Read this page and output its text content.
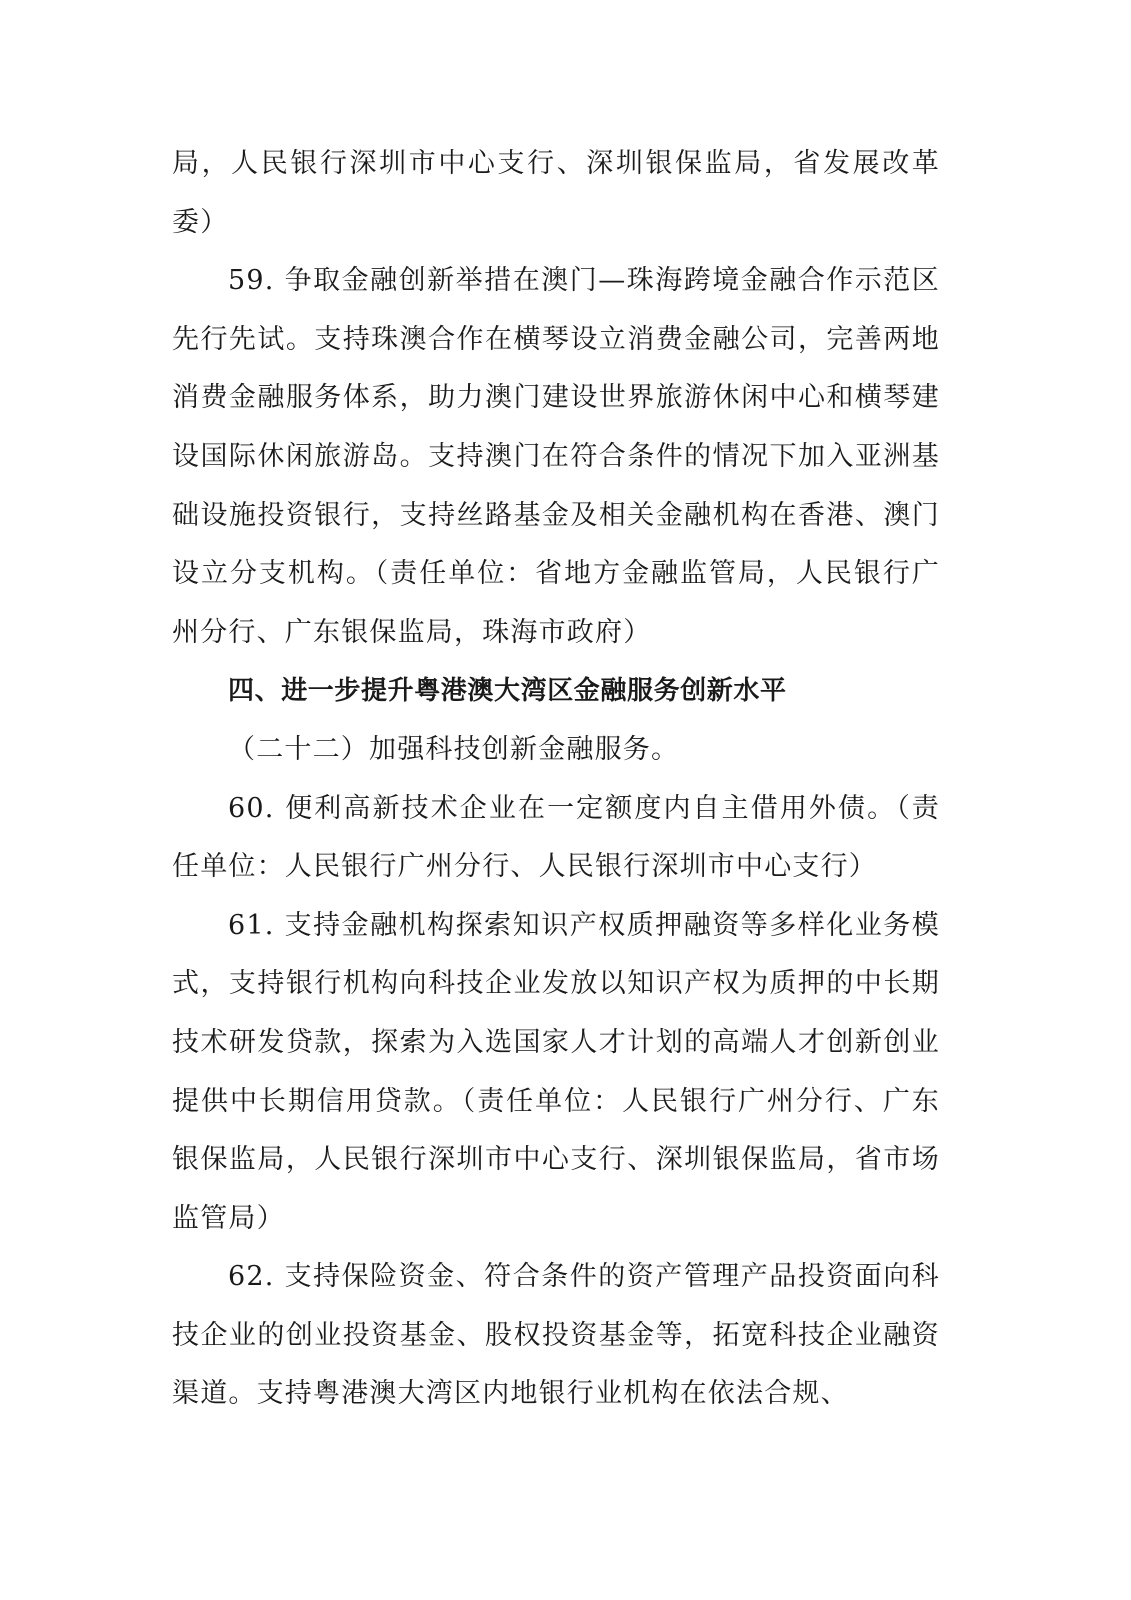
局，人民银行深圳市中心支行、深圳银保监局，省发展改革委）

59. 争取金融创新举措在澳门—珠海跨境金融合作示范区先行先试。支持珠澳合作在横琴设立消费金融公司，完善两地消费金融服务体系，助力澳门建设世界旅游休闲中心和横琴建设国际休闲旅游岛。支持澳门在符合条件的情况下加入亚洲基础设施投资银行，支持丝路基金及相关金融机构在香港、澳门设立分支机构。（责任单位：省地方金融监管局，人民银行广州分行、广东银保监局，珠海市政府）

四、进一步提升粤港澳大湾区金融服务创新水平

（二十二）加强科技创新金融服务。

60. 便利高新技术企业在一定额度内自主借用外债。（责任单位：人民银行广州分行、人民银行深圳市中心支行）

61. 支持金融机构探索知识产权质押融资等多样化业务模式，支持银行机构向科技企业发放以知识产权为质押的中长期技术研发贷款，探索为入选国家人才计划的高端人才创新创业提供中长期信用贷款。（责任单位：人民银行广州分行、广东银保监局，人民银行深圳市中心支行、深圳银保监局，省市场监管局）

62. 支持保险资金、符合条件的资产管理产品投资面向科技企业的创业投资基金、股权投资基金等，拓宽科技企业融资渠道。支持粤港澳大湾区内地银行业机构在依法合规、
